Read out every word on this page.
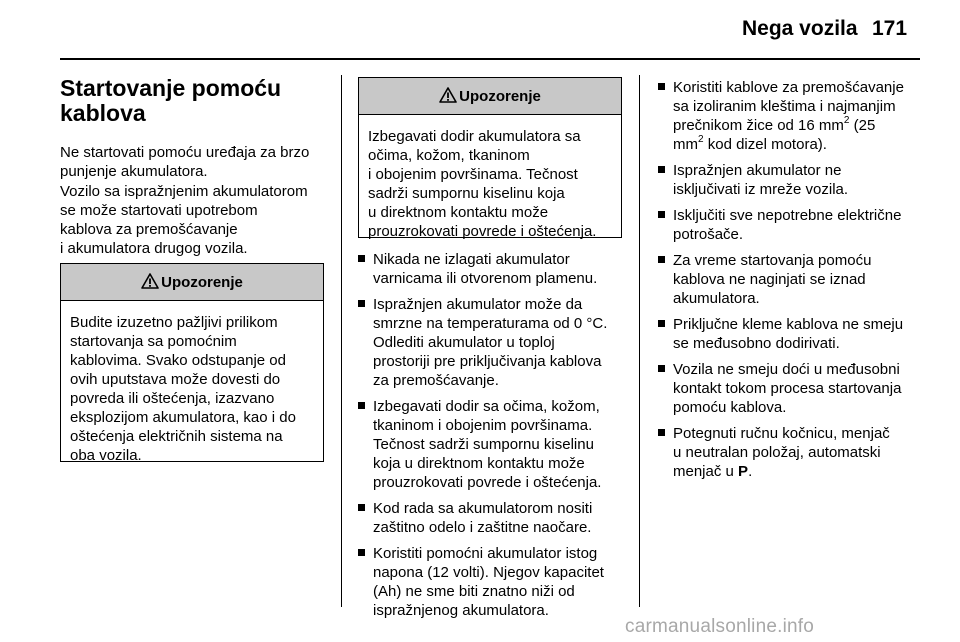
Nega vozila 171
Startovanje pomoću
kablova
Ne startovati pomoću uređaja za brzo
punjenje akumulatora.
Vozilo sa ispražnjenim akumulatorom
se može startovati upotrebom
kablova za premošćavanje
i akumulatora drugog vozila.
Upozorenje
Budite izuzetno pažljivi prilikom
startovanja sa pomoćnim
kablovima. Svako odstupanje od
ovih uputstava može dovesti do
povreda ili oštećenja, izazvano
eksplozijom akumulatora, kao i do
oštećenja električnih sistema na
oba vozila.
Upozorenje
Izbegavati dodir akumulatora sa
očima, kožom, tkaninom
i obojenim površinama. Tečnost
sadrži sumpornu kiselinu koja
u direktnom kontaktu može
prouzrokovati povrede i oštećenja.
Nikada ne izlagati akumulator
varnicama ili otvorenom plamenu.
Ispražnjen akumulator može da
smrzne na temperaturama od 0 °C.
Odlediti akumulator u toploj
prostoriji pre priključivanja kablova
za premošćavanje.
Izbegavati dodir sa očima, kožom,
tkaninom i obojenim površinama.
Tečnost sadrži sumpornu kiselinu
koja u direktnom kontaktu može
prouzrokovati povrede i oštećenja.
Kod rada sa akumulatorom nositi
zaštitno odelo i zaštitne naočare.
Koristiti pomoćni akumulator istog
napona (12 volti). Njegov kapacitet
(Ah) ne sme biti znatno niži od
ispražnjenog akumulatora.
Koristiti kablove za premošćavanje
sa izoliranim kleštima i najmanjim
prečnikom žice od 16 $mm^2$ (25
$mm^2$ kod dizel motora).
Ispražnjen akumulator ne
isključivati iz mreže vozila.
Isključiti sve nepotrebne električne
potrošače.
Za vreme startovanja pomoću
kablova ne naginjati se iznad
akumulatora.
Priključne kleme kablova ne smeju
se međusobno dodirivati.
Vozila ne smeju doći u međusobni
kontakt tokom procesa startovanja
pomoću kablova.
Potegnuti ručnu kočnicu, menjač
u neutralan položaj, automatski
menjač u P.
carmanualsonline.info
